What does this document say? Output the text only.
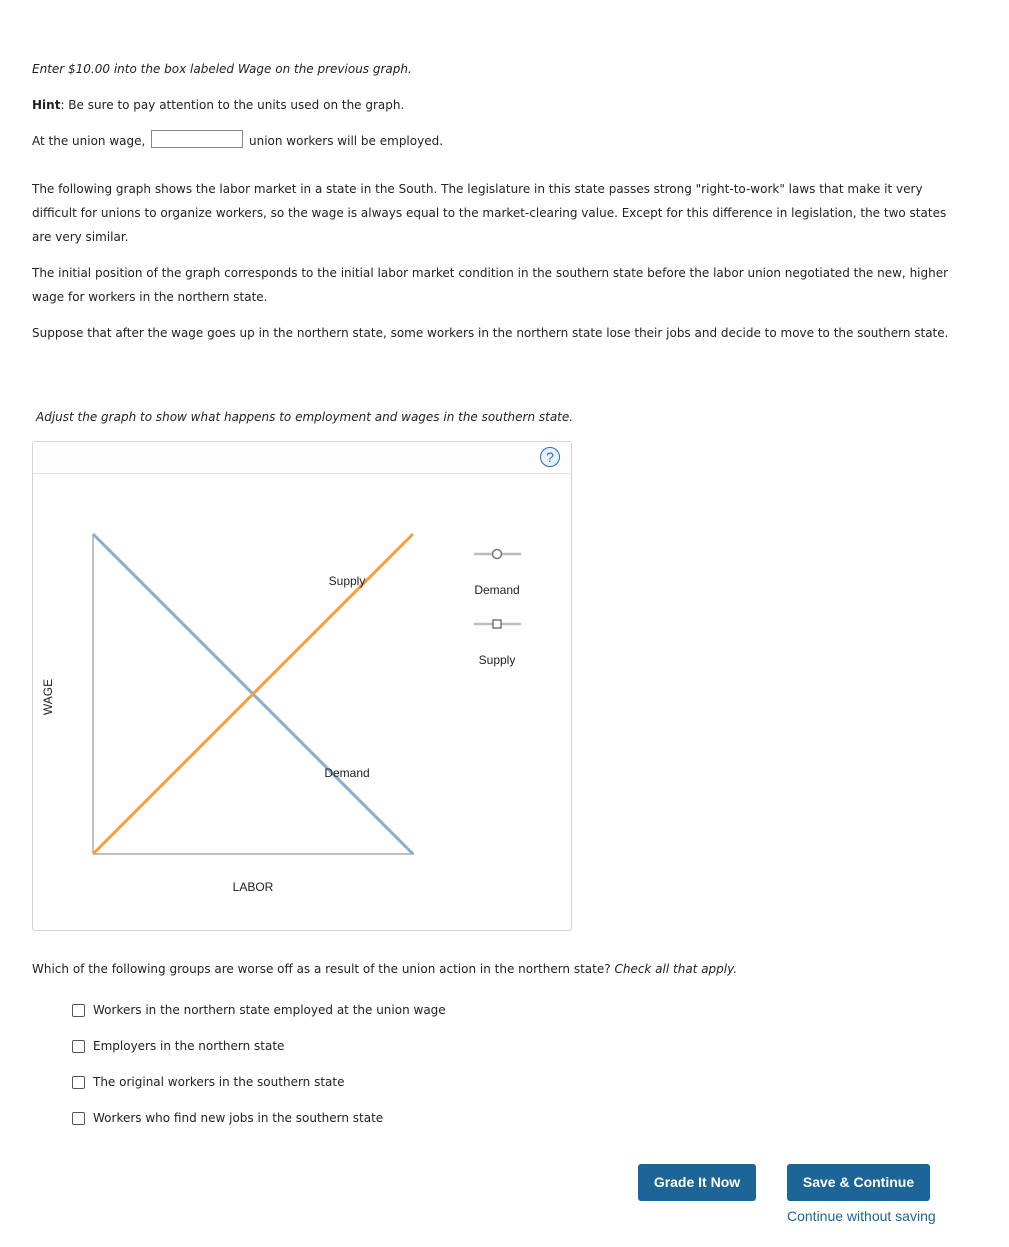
Enter $10.00 into the box labeled Wage on the previous graph.

Hint: Be sure to pay attention to the units used on the graph.

At the union wage,	union workers will be employed.

The following graph shows the labor market in a state in the South. The legislature in this state passes strong "right-to-work" laws that make it very difficult for unions to organize workers, so the wage is always equal to the market-clearing value. Except for this difference in legislation, the two states are very similar.

The initial position of the graph corresponds to the initial labor market condition in the southern state before the labor union negotiated the new, higher wage for workers in the northern state.

Suppose that after the wage goes up in the northern state, some workers in the northern state lose their jobs and decide to move to the southern state.

Adjust the graph to show what happens to employment and wages in the southern state.

?
WAGE
LABOR
Demand
Supply
Demand
Supply

Which of the following groups are worse off as a result of the union action in the northern state? Check all that apply.

Workers in the northern state employed at the union wage
Employers in the northern state
The original workers in the southern state
Workers who find new jobs in the southern state
Grade It Now	Save & Continue
Continue without saving
